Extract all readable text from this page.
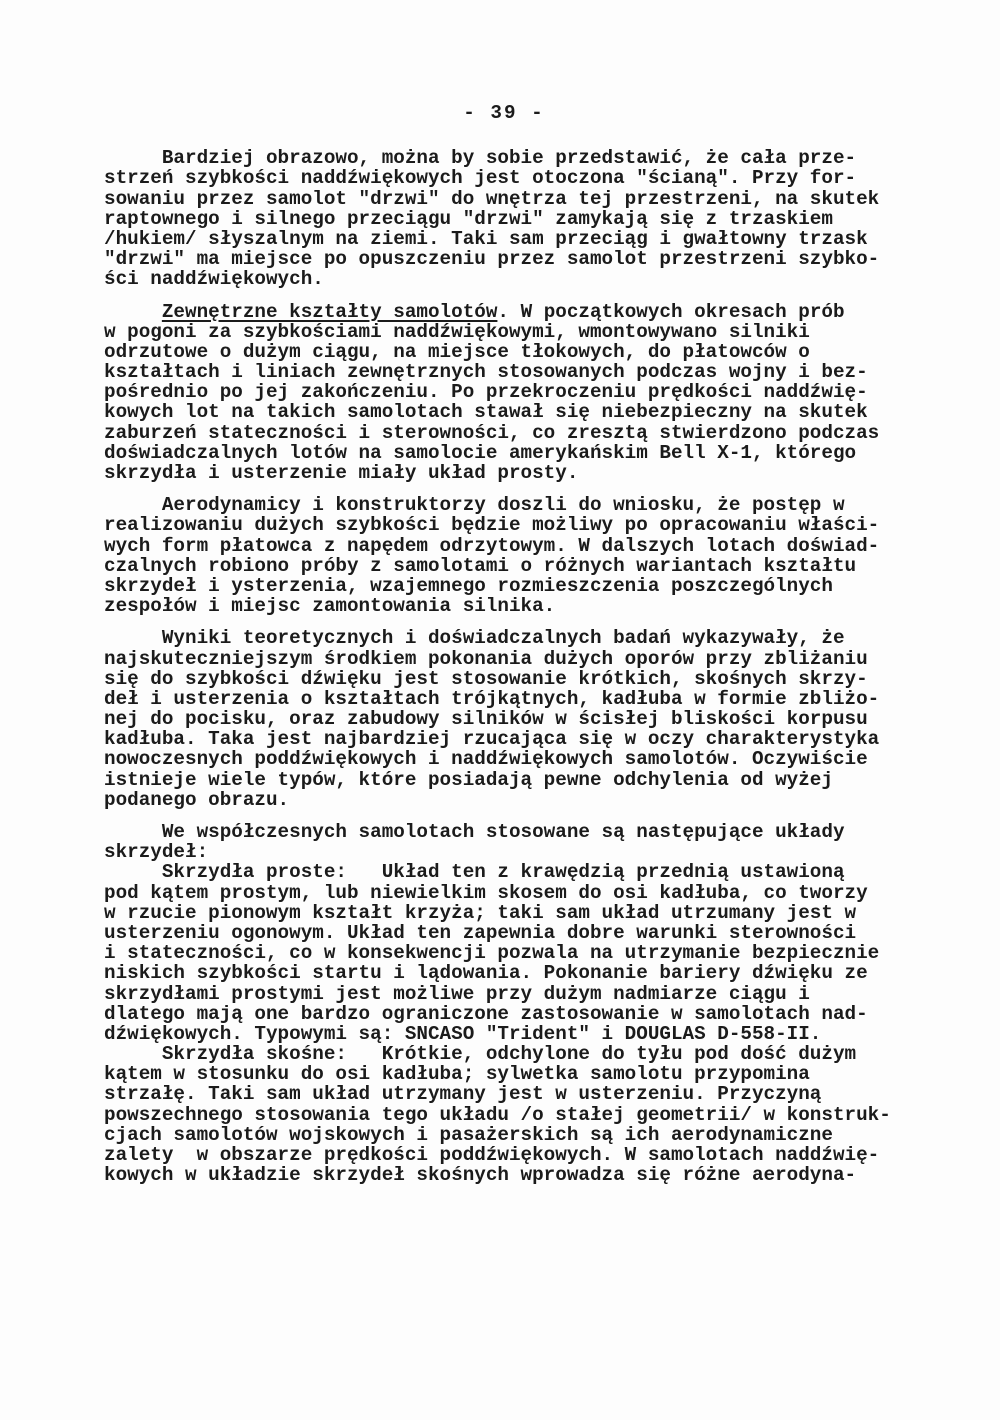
- 39 -
Bardziej obrazowo, można by sobie przedstawić, że cała prze-
strzeń szybkości naddźwiękowych jest otoczona "ścianą". Przy for-
sowaniu przez samolot "drzwi" do wnętrza tej przestrzeni, na skutek
raptownego i silnego przeciągu "drzwi" zamykają się z trzaskiem
/hukiem/ słyszalnym na ziemi. Taki sam przeciąg i gwałtowny trzask
"drzwi" ma miejsce po opuszczeniu przez samolot przestrzeni szybko-
ści naddźwiękowych.
Zewnętrzne kształty samolotów. W początkowych okresach prób
w pogoni za szybkościami naddźwiękowymi, wmontowywano silniki
odrzutowe o dużym ciągu, na miejsce tłokowych, do płatowców o
kształtach i liniach zewnętrznych stosowanych podczas wojny i bez-
pośrednio po jej zakończeniu. Po przekroczeniu prędkości naddźwię-
kowych lot na takich samolotach stawał się niebezpieczny na skutek
zaburzeń stateczności i sterowności, co zresztą stwierdzono podczas
doświadczalnych lotów na samolocie amerykańskim Bell X-1, którego
skrzydła i usterzenie miały układ prosty.
Aerodynamicy i konstruktorzy doszli do wniosku, że postęp w
realizowaniu dużych szybkości będzie możliwy po opracowaniu właści-
wych form płatowca z napędem odrzytowym. W dalszych lotach doświad-
czalnych robiono próby z samolotami o różnych wariantach kształtu
skrzydeł i ysterzenia, wzajemnego rozmieszczenia poszczególnych
zespołów i miejsc zamontowania silnika.
Wyniki teoretycznych i doświadczalnych badań wykazywały, że
najskuteczniejszym środkiem pokonania dużych oporów przy zbliżaniu
się do szybkości dźwięku jest stosowanie krótkich, skośnych skrzy-
deł i usterzenia o kształtach trójkątnych, kadłuba w formie zbliżo-
nej do pocisku, oraz zabudowy silników w ścisłej bliskości korpusu
kadłuba. Taka jest najbardziej rzucająca się w oczy charakterystyka
nowoczesnych poddźwiękowych i naddźwiękowych samolotów. Oczywiście
istnieje wiele typów, które posiadają pewne odchylenia od wyżej
podanego obrazu.
We współczesnych samolotach stosowane są następujące układy
skrzydeł:
Skrzydła proste:   Układ ten z krawędzią przednią ustawioną
pod kątem prostym, lub niewielkim skosem do osi kadłuba, co tworzy
w rzucie pionowym kształt krzyża; taki sam układ utrzumany jest w
usterzeniu ogonowym. Układ ten zapewnia dobre warunki sterowności
i stateczności, co w konsekwencji pozwala na utrzymanie bezpiecznie
niskich szybkości startu i lądowania. Pokonanie bariery dźwięku ze
skrzydłami prostymi jest możliwe przy dużym nadmiarze ciągu i
dlatego mają one bardzo ograniczone zastosowanie w samolotach nad-
dźwiękowych. Typowymi są: SNCASO "Trident" i DOUGLAS D-558-II.
Skrzydła skośne:   Krótkie, odchylone do tyłu pod dość dużym
kątem w stosunku do osi kadłuba; sylwetka samolotu przypomina
strzałę. Taki sam układ utrzymany jest w usterzeniu. Przyczyną
powszechnego stosowania tego układu /o stałej geometrii/ w konstruk-
cjach samolotów wojskowych i pasażerskich są ich aerodynamiczne
zalety  w obszarze prędkości poddźwiękowych. W samolotach naddźwię-
kowych w układzie skrzydeł skośnych wprowadza się różne aerodyna-
